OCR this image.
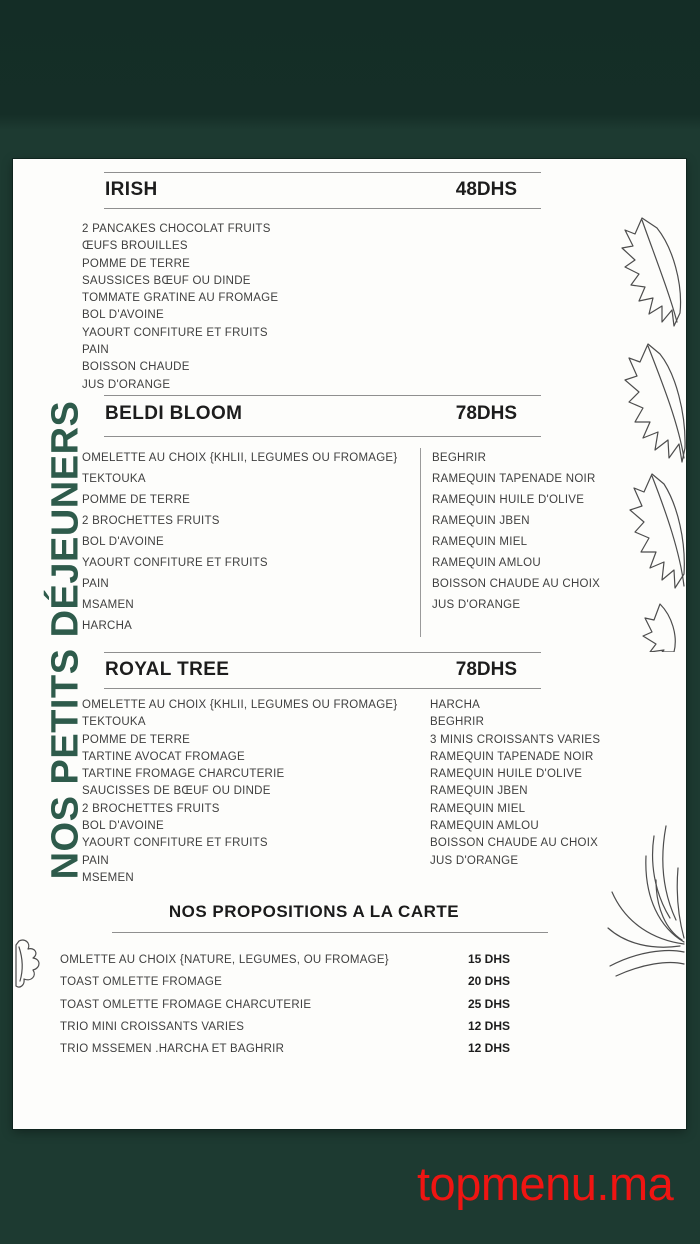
NOS PETITS DÉJEUNERS
IRISH	48DHS
2 PANCAKES CHOCOLAT FRUITS
ŒUFS BROUILLES
POMME DE TERRE
SAUSSICES BŒUF OU DINDE
TOMMATE GRATINE AU FROMAGE
BOL D'AVOINE
YAOURT CONFITURE ET FRUITS
PAIN
BOISSON CHAUDE
JUS D'ORANGE
BELDI BLOOM	78DHS
OMELETTE AU CHOIX {KHLII, LEGUMES OU FROMAGE}
TEKTOUKA
POMME DE TERRE
2 BROCHETTES FRUITS
BOL D'AVOINE
YAOURT CONFITURE ET FRUITS
PAIN
MSAMEN
HARCHA
BEGHRIR
RAMEQUIN TAPENADE NOIR
RAMEQUIN HUILE D'OLIVE
RAMEQUIN JBEN
RAMEQUIN MIEL
RAMEQUIN AMLOU
BOISSON CHAUDE AU CHOIX
JUS D'ORANGE
ROYAL TREE	78DHS
OMELETTE AU CHOIX {KHLII, LEGUMES OU FROMAGE}
TEKTOUKA
POMME DE TERRE
TARTINE AVOCAT FROMAGE
TARTINE FROMAGE CHARCUTERIE
SAUCISSES DE BŒUF OU DINDE
2 BROCHETTES FRUITS
BOL D'AVOINE
YAOURT CONFITURE ET FRUITS
PAIN
MSEMEN
HARCHA
BEGHRIR
3 MINIS CROISSANTS VARIES
RAMEQUIN TAPENADE NOIR
RAMEQUIN HUILE D'OLIVE
RAMEQUIN JBEN
RAMEQUIN MIEL
RAMEQUIN AMLOU
BOISSON CHAUDE AU CHOIX
JUS D'ORANGE
NOS PROPOSITIONS A LA CARTE
OMLETTE AU CHOIX {NATURE, LEGUMES, OU FROMAGE}	15 DHS
TOAST OMLETTE FROMAGE	20 DHS
TOAST OMLETTE FROMAGE CHARCUTERIE	25 DHS
TRIO MINI CROISSANTS VARIES	12 DHS
TRIO MSSEMEN .HARCHA ET BAGHRIR	12 DHS
topmenu.ma
